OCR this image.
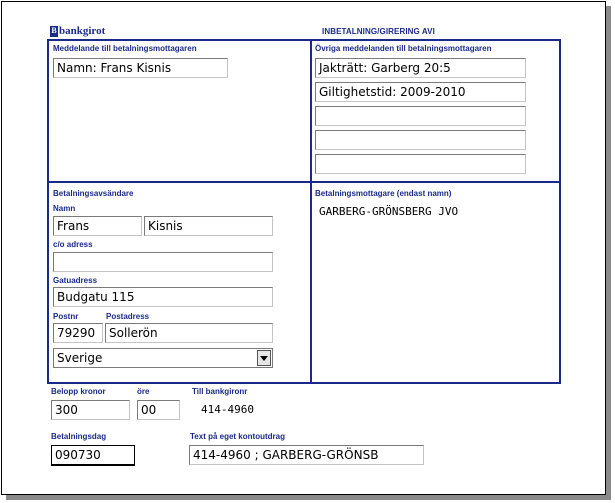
B bankgirot	INBETALNING/GIRERING AVI
Meddelande till betalningsmottagaren
Namn: Frans Kisnis
Övriga meddelanden till betalningsmottagaren
Jakträtt: Garberg 20:5
Giltighetstid: 2009-2010
Betalningsavsändare
Namn
Frans	Kisnis
c/o adress
Gatuadress
Budgatu 115
Postnr	Postadress
79290	Sollerön
Sverige
Betalningsmottagare (endast namn)
GARBERG-GRÖNSBERG JVO
Belopp kronor
300
öre
00
Till bankgironr
414-4960
Betalningsdag
090730
Text på eget kontoutdrag
414-4960 ; GARBERG-GRÖNSB
